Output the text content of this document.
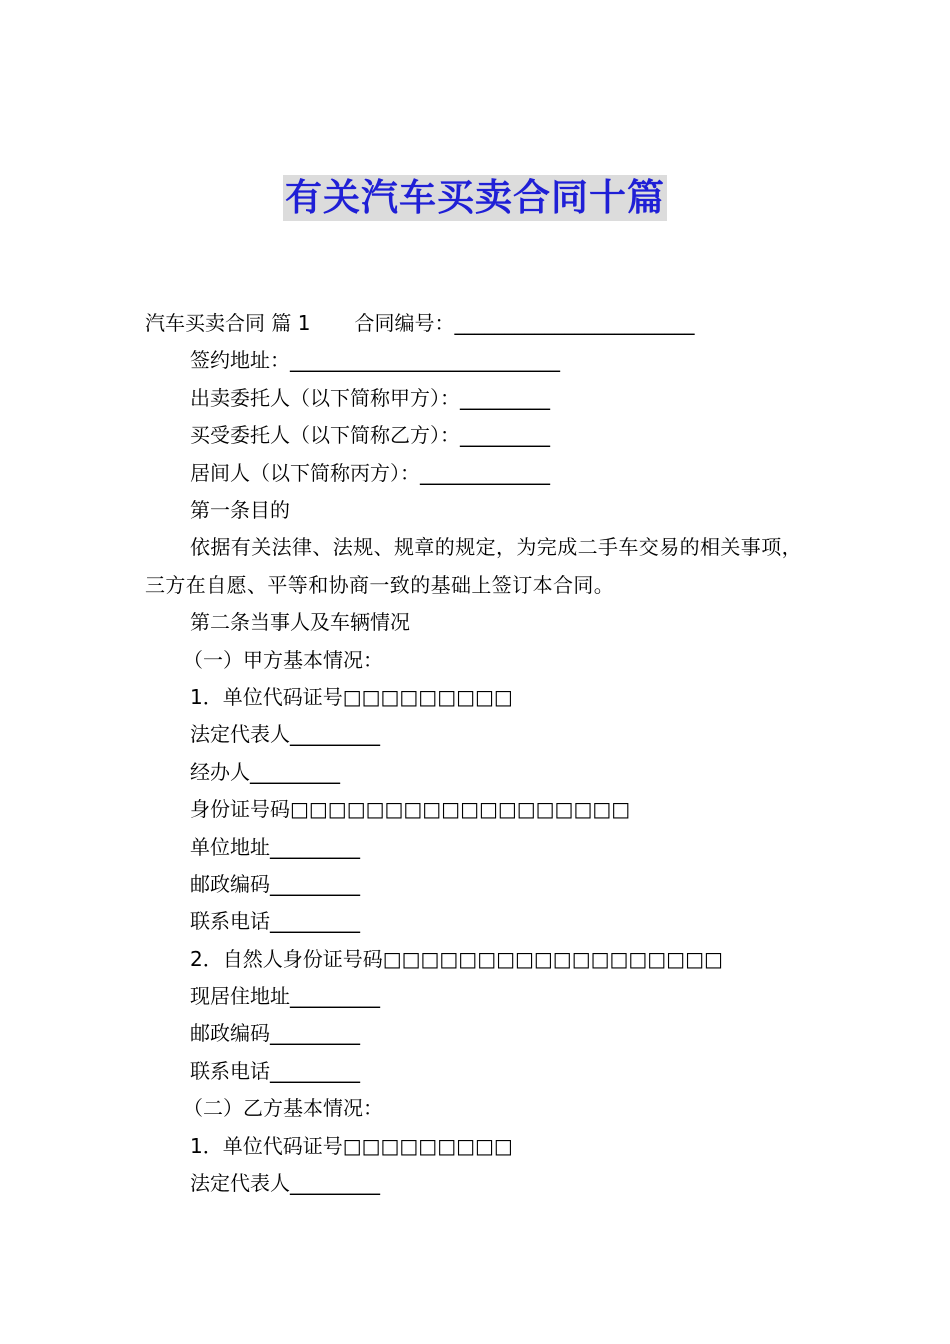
有关汽车买卖合同十篇
汽车买卖合同 篇 1 合同编号：________________________
签约地址：___________________________
出卖委托人（以下简称甲方）：_________
买受委托人（以下简称乙方）：_________
居间人（以下简称丙方）：_____________
第一条目的
依据有关法律、法规、规章的规定，为完成二手车交易的相关事项，三方在自愿、平等和协商一致的基础上签订本合同。
第二条当事人及车辆情况
（一）甲方基本情况：
1．单位代码证号□□□□□□□□□
法定代表人_________
经办人_________
身份证号码□□□□□□□□□□□□□□□□□□
单位地址_________
邮政编码_________
联系电话_________
2．自然人身份证号码□□□□□□□□□□□□□□□□□□
现居住地址_________
邮政编码_________
联系电话_________
（二）乙方基本情况：
1．单位代码证号□□□□□□□□□
法定代表人_________
